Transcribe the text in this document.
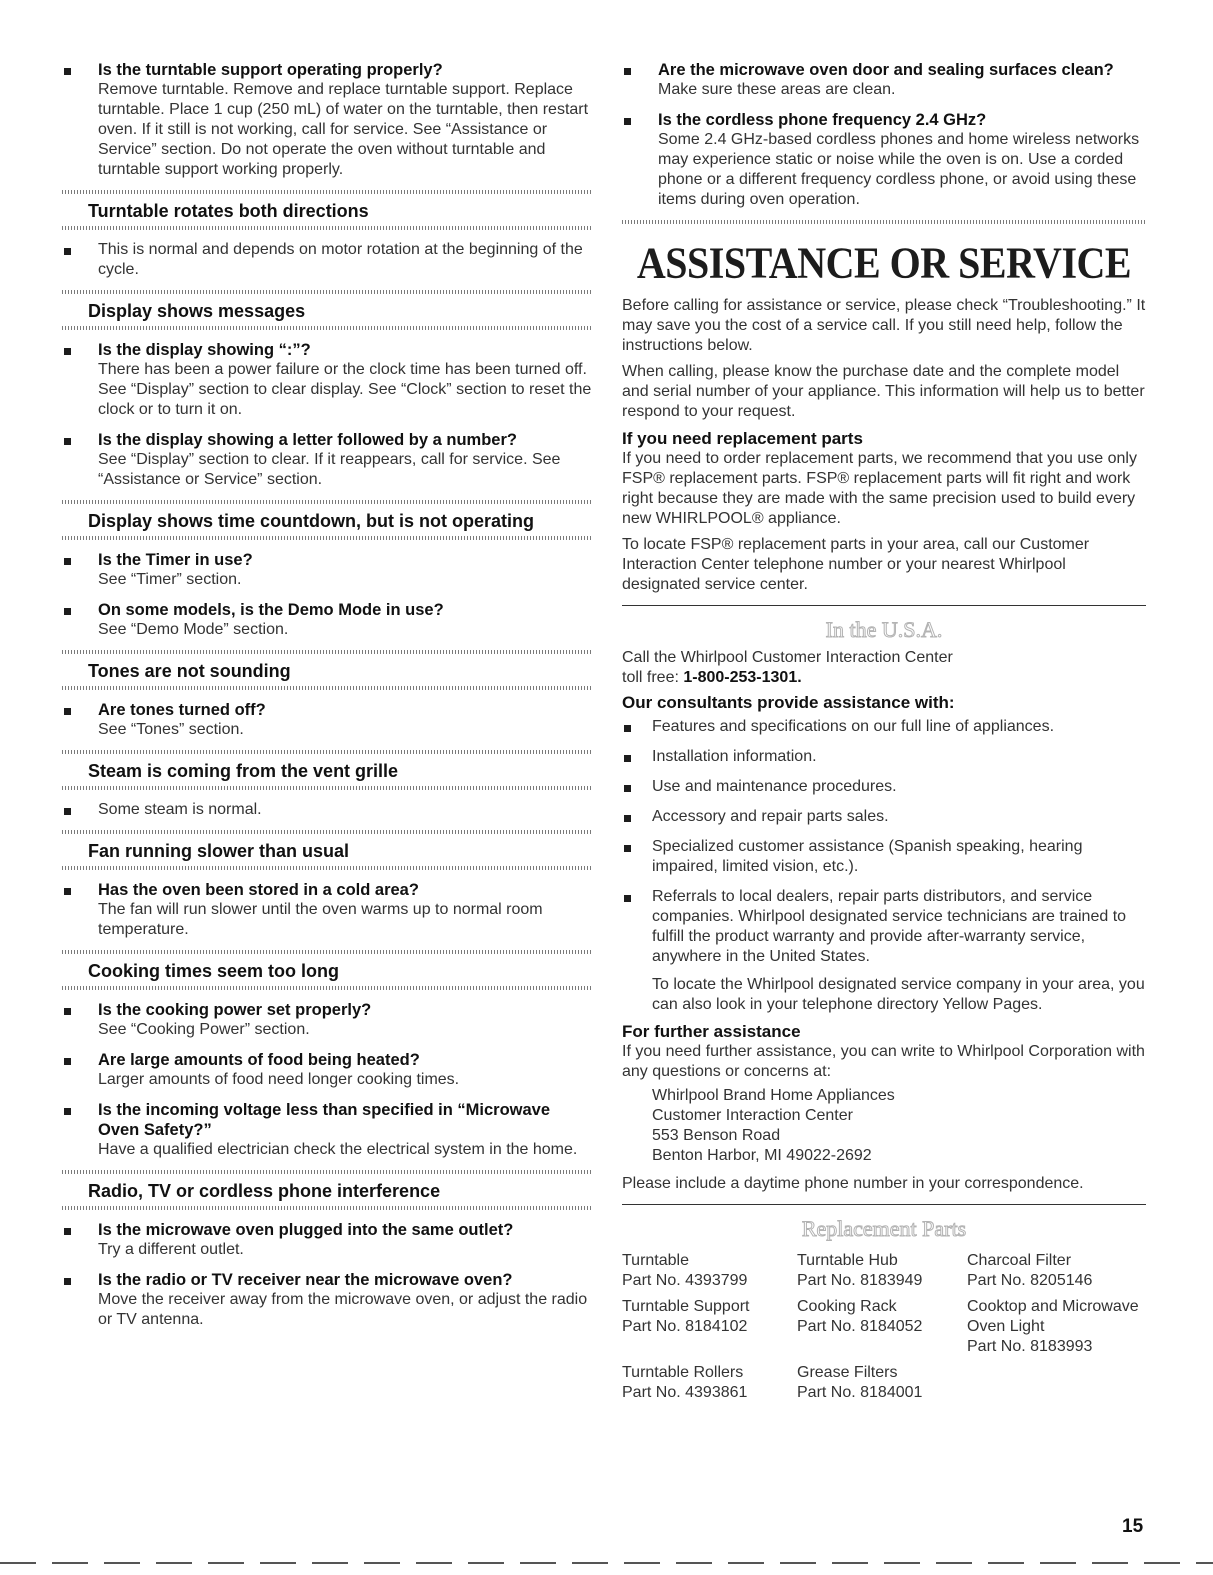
Is the turntable support operating properly?
Remove turntable. Remove and replace turntable support. Replace turntable. Place 1 cup (250 mL) of water on the turntable, then restart oven. If it still is not working, call for service. See “Assistance or Service” section. Do not operate the oven without turntable and turntable support working properly.
Turntable rotates both directions
This is normal and depends on motor rotation at the beginning of the cycle.
Display shows messages
Is the display showing “:”?
There has been a power failure or the clock time has been turned off. See “Display” section to clear display. See “Clock” section to reset the clock or to turn it on.
Is the display showing a letter followed by a number?
See “Display” section to clear. If it reappears, call for service. See “Assistance or Service” section.
Display shows time countdown, but is not operating
Is the Timer in use?
See “Timer” section.
On some models, is the Demo Mode in use?
See “Demo Mode” section.
Tones are not sounding
Are tones turned off?
See “Tones” section.
Steam is coming from the vent grille
Some steam is normal.
Fan running slower than usual
Has the oven been stored in a cold area?
The fan will run slower until the oven warms up to normal room temperature.
Cooking times seem too long
Is the cooking power set properly?
See “Cooking Power” section.
Are large amounts of food being heated?
Larger amounts of food need longer cooking times.
Is the incoming voltage less than specified in “Microwave Oven Safety?”
Have a qualified electrician check the electrical system in the home.
Radio, TV or cordless phone interference
Is the microwave oven plugged into the same outlet?
Try a different outlet.
Is the radio or TV receiver near the microwave oven?
Move the receiver away from the microwave oven, or adjust the radio or TV antenna.
Are the microwave oven door and sealing surfaces clean?
Make sure these areas are clean.
Is the cordless phone frequency 2.4 GHz?
Some 2.4 GHz-based cordless phones and home wireless networks may experience static or noise while the oven is on. Use a corded phone or a different frequency cordless phone, or avoid using these items during oven operation.
ASSISTANCE OR SERVICE
Before calling for assistance or service, please check “Troubleshooting.” It may save you the cost of a service call. If you still need help, follow the instructions below.
When calling, please know the purchase date and the complete model and serial number of your appliance. This information will help us to better respond to your request.
If you need replacement parts
If you need to order replacement parts, we recommend that you use only FSP® replacement parts. FSP® replacement parts will fit right and work right because they are made with the same precision used to build every new WHIRLPOOL® appliance.
To locate FSP® replacement parts in your area, call our Customer Interaction Center telephone number or your nearest Whirlpool designated service center.
In the U.S.A.
Call the Whirlpool Customer Interaction Center
toll free: 1-800-253-1301.
Our consultants provide assistance with:
Features and specifications on our full line of appliances.
Installation information.
Use and maintenance procedures.
Accessory and repair parts sales.
Specialized customer assistance (Spanish speaking, hearing impaired, limited vision, etc.).
Referrals to local dealers, repair parts distributors, and service companies. Whirlpool designated service technicians are trained to fulfill the product warranty and provide after-warranty service, anywhere in the United States.
To locate the Whirlpool designated service company in your area, you can also look in your telephone directory Yellow Pages.
For further assistance
If you need further assistance, you can write to Whirlpool Corporation with any questions or concerns at:
Whirlpool Brand Home Appliances
Customer Interaction Center
553 Benson Road
Benton Harbor, MI 49022-2692
Please include a daytime phone number in your correspondence.
Replacement Parts
Turntable
Part No. 4393799
Turntable Hub
Part No. 8183949
Charcoal Filter
Part No. 8205146
Turntable Support
Part No. 8184102
Cooking Rack
Part No. 8184052
Cooktop and Microwave Oven Light
Part No. 8183993
Turntable Rollers
Part No. 4393861
Grease Filters
Part No. 8184001
15
